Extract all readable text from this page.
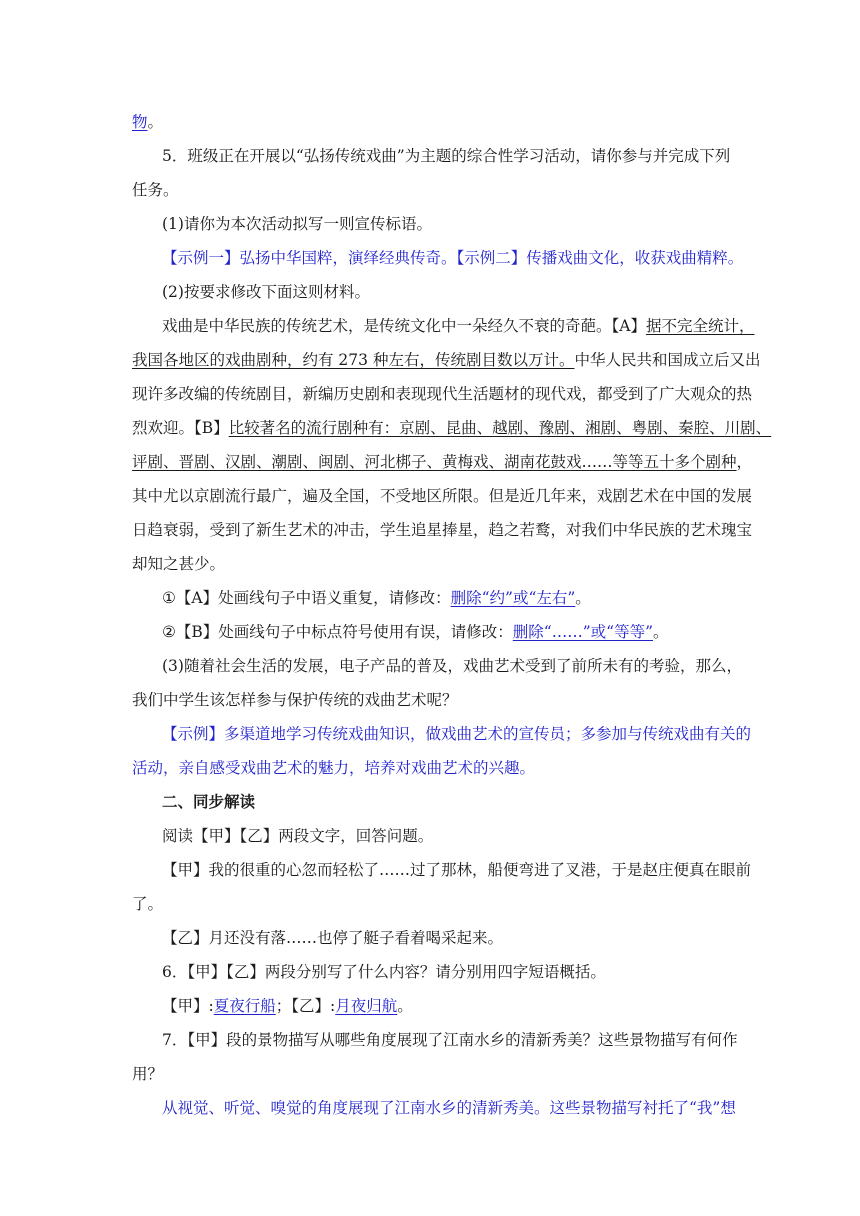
物。
5．班级正在开展以“弘扬传统戏曲”为主题的综合性学习活动，请你参与并完成下列
任务。
(1)请你为本次活动拟写一则宣传标语。
【示例一】弘扬中华国粹，演绎经典传奇。【示例二】传播戏曲文化，收获戏曲精粹。
(2)按要求修改下面这则材料。
戏曲是中华民族的传统艺术，是传统文化中一朵经久不衰的奇葩。【A】据不完全统计，
我国各地区的戏曲剧种，约有 273 种左右，传统剧目数以万计。中华人民共和国成立后又出
现许多改编的传统剧目，新编历史剧和表现现代生活题材的现代戏，都受到了广大观众的热
烈欢迎。【B】比较著名的流行剧种有：京剧、昆曲、越剧、豫剧、湘剧、粤剧、秦腔、川剧、
评剧、晋剧、汉剧、潮剧、闽剧、河北梆子、黄梅戏、湖南花鼓戏……等等五十多个剧种，
其中尤以京剧流行最广，遍及全国，不受地区所限。但是近几年来，戏剧艺术在中国的发展
日趋衰弱，受到了新生艺术的冲击，学生追星捧星，趋之若鹜，对我们中华民族的艺术瑰宝
却知之甚少。
①【A】处画线句子中语义重复，请修改：删除“约”或“左右”。
②【B】处画线句子中标点符号使用有误，请修改：删除“……”或“等等”。
(3)随着社会生活的发展，电子产品的普及，戏曲艺术受到了前所未有的考验，那么，
我们中学生该怎样参与保护传统的戏曲艺术呢？
【示例】多渠道地学习传统戏曲知识，做戏曲艺术的宣传员；多参加与传统戏曲有关的
活动，亲自感受戏曲艺术的魅力，培养对戏曲艺术的兴趣。
二、同步解读
阅读【甲】【乙】两段文字，回答问题。
【甲】我的很重的心忽而轻松了……过了那林，船便弯进了叉港，于是赵庄便真在眼前
了。
【乙】月还没有落……也停了艇子看着喝采起来。
6．【甲】【乙】两段分别写了什么内容？请分别用四字短语概括。
【甲】:夏夜行船；【乙】:月夜归航。
7．【甲】段的景物描写从哪些角度展现了江南水乡的清新秀美？这些景物描写有何作
用？
从视觉、听觉、嗅觉的角度展现了江南水乡的清新秀美。这些景物描写衬托了“我”想
